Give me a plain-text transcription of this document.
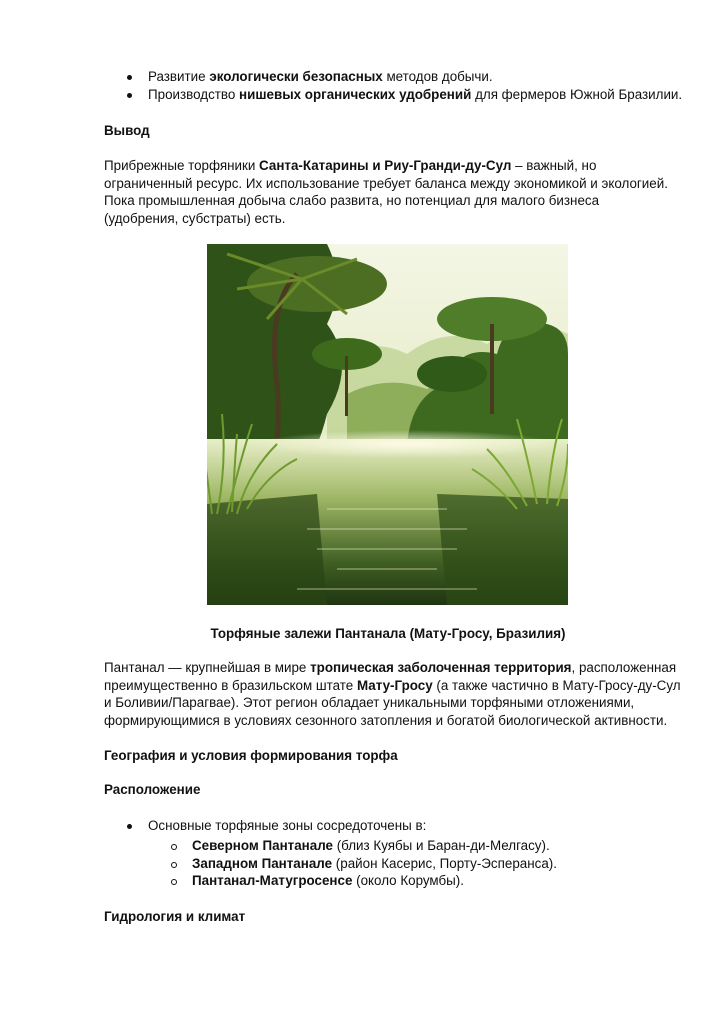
Развитие экологически безопасных методов добычи.
Производство нишевых органических удобрений для фермеров Южной Бразилии.
Вывод
Прибрежные торфяники Санта-Катарины и Риу-Гранди-ду-Сул – важный, но
ограниченный ресурс. Их использование требует баланса между экономикой и экологией.
Пока промышленная добыча слабо развита, но потенциал для малого бизнеса
(удобрения, субстраты) есть.
Торфяные залежи Пантанала (Мату-Гросу, Бразилия)
Пантанал — крупнейшая в мире тропическая заболоченная территория, расположенная
преимущественно в бразильском штате Мату-Гросу (а также частично в Мату-Гросу-ду-Сул
и Боливии/Парагвае). Этот регион обладает уникальными торфяными отложениями,
формирующимися в условиях сезонного затопления и богатой биологической активности.
География и условия формирования торфа
Расположение
Основные торфяные зоны сосредоточены в:
Северном Пантанале (близ Куябы и Баран-ди-Мелгасу).
Западном Пантанале (район Касерис, Порту-Эсперанса).
Пантанал-Матугросенсе (около Корумбы).
Гидрология и климат
